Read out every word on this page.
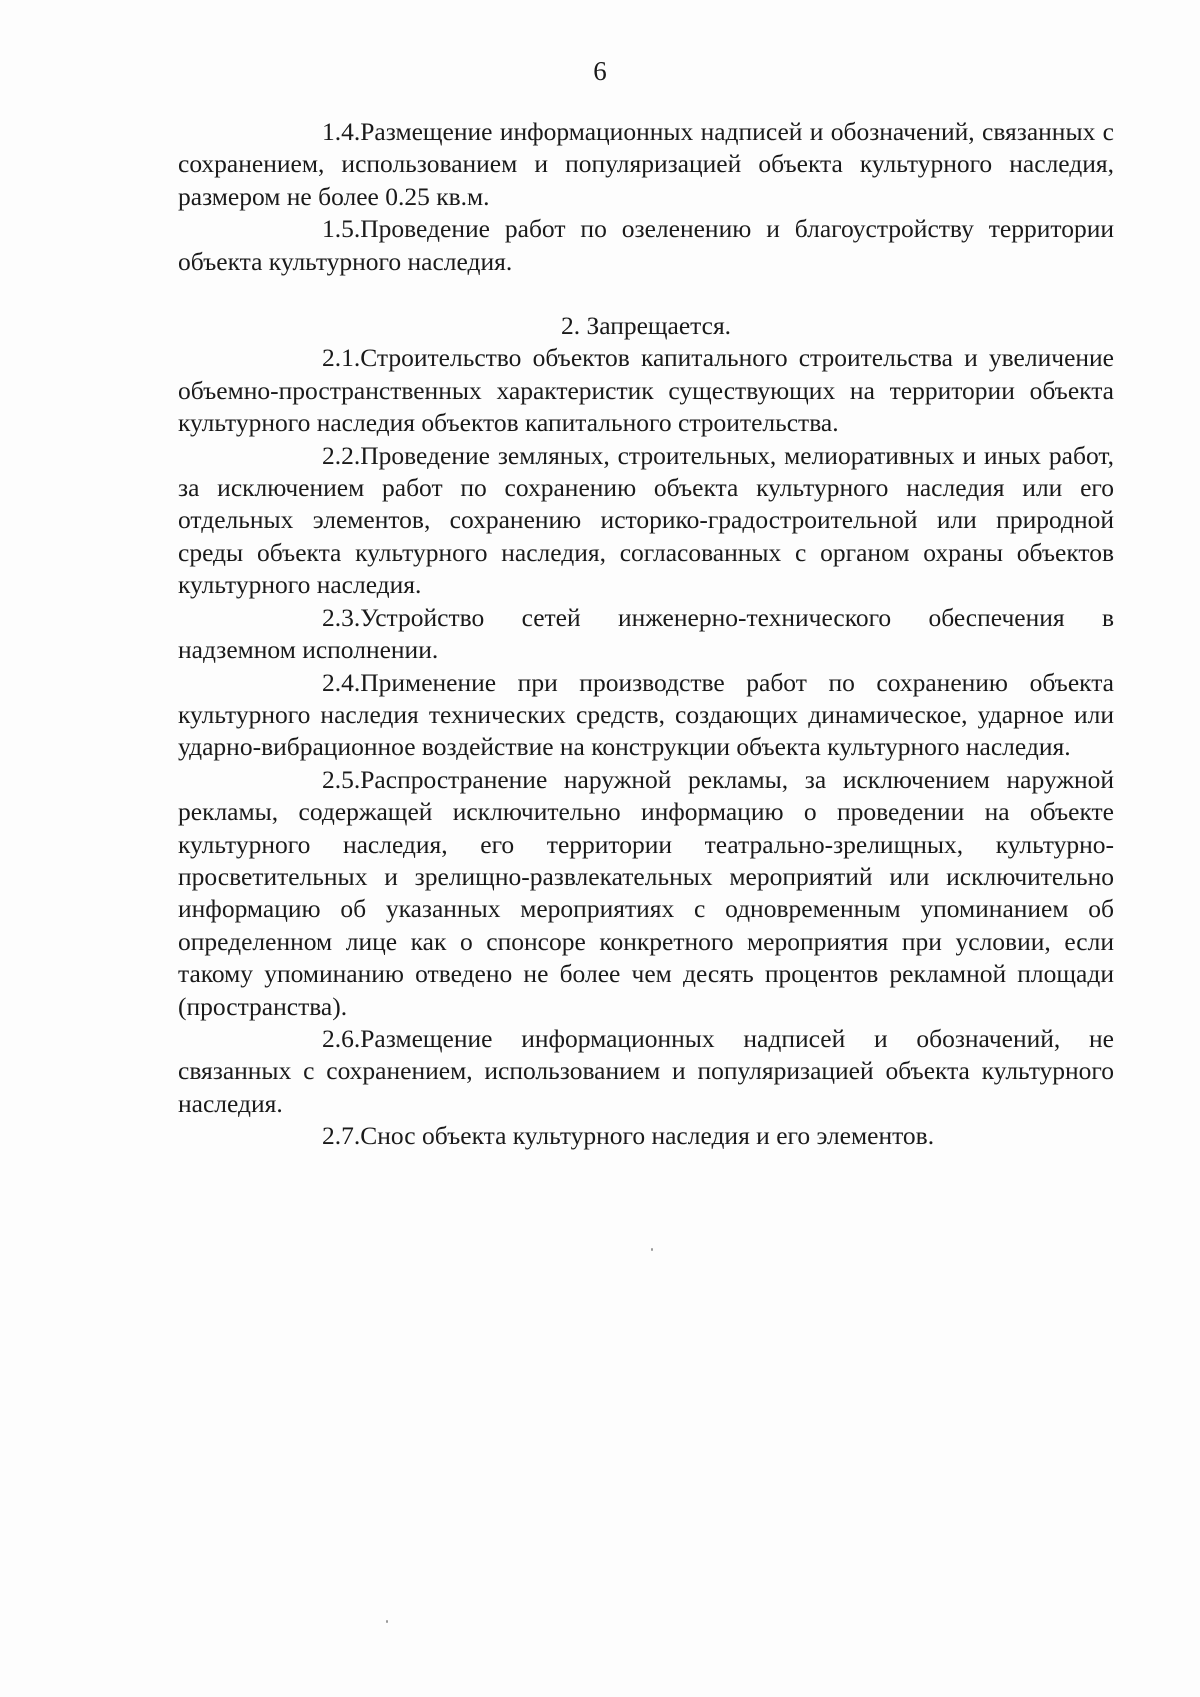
6

1.4.Размещение информационных надписей и обозначений, связанных с сохранением, использованием и популяризацией объекта культурного наследия, размером не более 0.25 кв.м.

1.5.Проведение работ по озеленению и благоустройству территории объекта культурного наследия.

2. Запрещается.

2.1.Строительство объектов капитального строительства и увеличение объемно-пространственных характеристик существующих на территории объекта культурного наследия объектов капитального строительства.

2.2.Проведение земляных, строительных, мелиоративных и иных работ, за исключением работ по сохранению объекта культурного наследия или его отдельных элементов, сохранению историко-градостроительной или природной среды объекта культурного наследия, согласованных с органом охраны объектов культурного наследия.

2.3.Устройство сетей инженерно-технического обеспечения в надземном исполнении.

2.4.Применение при производстве работ по сохранению объекта культурного наследия технических средств, создающих динамическое, ударное или ударно-вибрационное воздействие на конструкции объекта культурного наследия.

2.5.Распространение наружной рекламы, за исключением наружной рекламы, содержащей исключительно информацию о проведении на объекте культурного наследия, его территории театрально-зрелищных, культурно-просветительных и зрелищно-развлекательных мероприятий или исключительно информацию об указанных мероприятиях с одновременным упоминанием об определенном лице как о спонсоре конкретного мероприятия при условии, если такому упоминанию отведено не более чем десять процентов рекламной площади (пространства).

2.6.Размещение информационных надписей и обозначений, не связанных с сохранением, использованием и популяризацией объекта культурного наследия.

2.7.Снос объекта культурного наследия и его элементов.
